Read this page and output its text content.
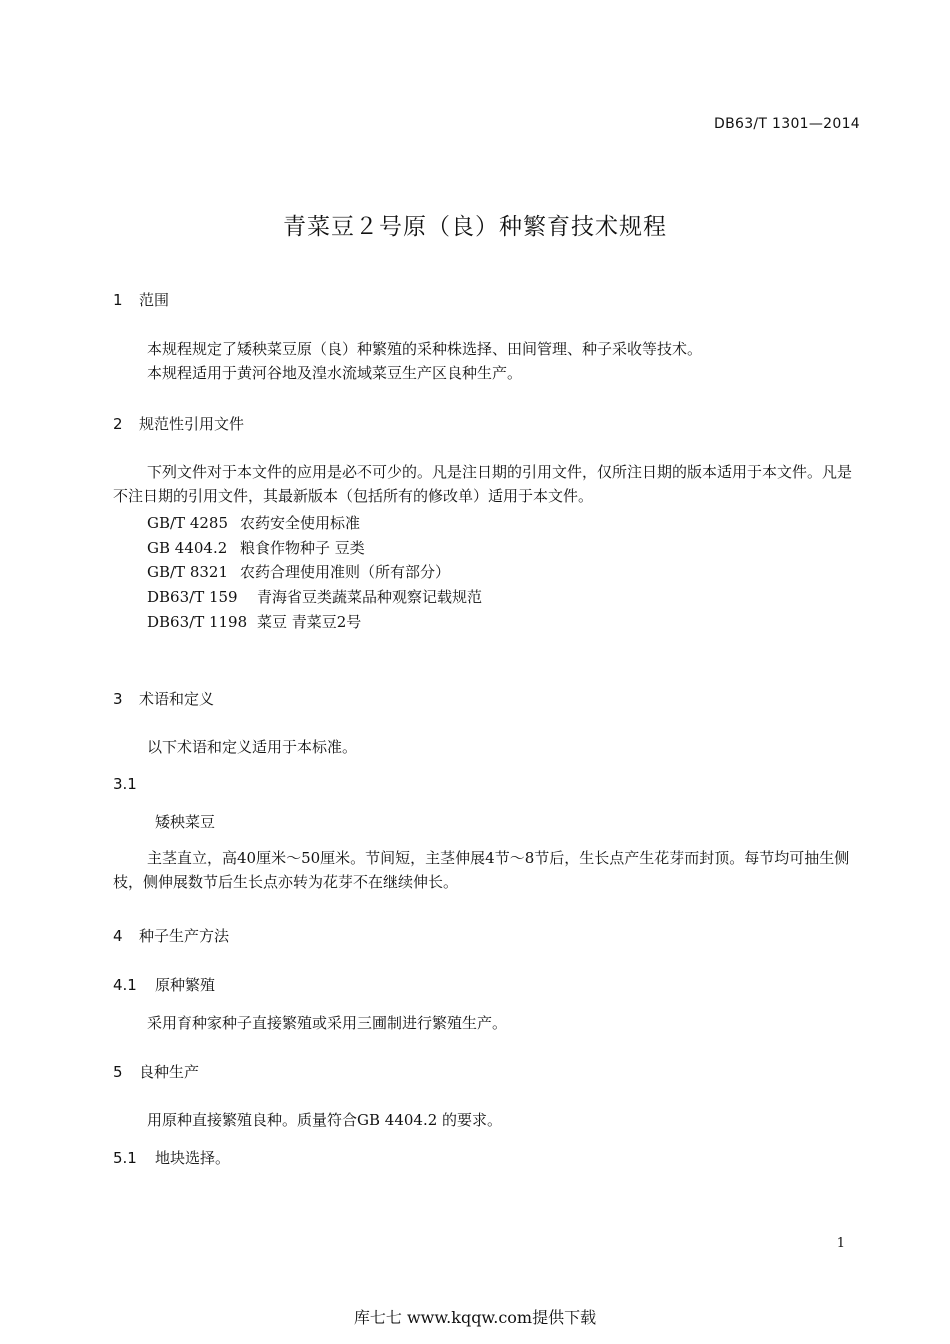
DB63/T 1301—2014
青菜豆２号原（良）种繁育技术规程
1 范围
本规程规定了矮秧菜豆原（良）种繁殖的采种株选择、田间管理、种子采收等技术。
本规程适用于黄河谷地及湟水流域菜豆生产区良种生产。
2 规范性引用文件
下列文件对于本文件的应用是必不可少的。凡是注日期的引用文件，仅所注日期的版本适用于本文件。凡是不注日期的引用文件，其最新版本（包括所有的修改单）适用于本文件。
GB/T 4285 农药安全使用标准
GB 4404.2 粮食作物种子 豆类
GB/T 8321 农药合理使用准则（所有部分）
DB63/T 159 青海省豆类蔬菜品种观察记载规范
DB63/T 1198 菜豆 青菜豆2号
3 术语和定义
以下术语和定义适用于本标准。
3.1
矮秧菜豆
主茎直立，高40厘米～50厘米。节间短，主茎伸展4节～8节后，生长点产生花芽而封顶。每节均可抽生侧枝，侧伸展数节后生长点亦转为花芽不在继续伸长。
4 种子生产方法
4.1 原种繁殖
采用育种家种子直接繁殖或采用三圃制进行繁殖生产。
5 良种生产
用原种直接繁殖良种。质量符合GB 4404.2 的要求。
5.1 地块选择。
1
库七七 www.kqqw.com提供下载
